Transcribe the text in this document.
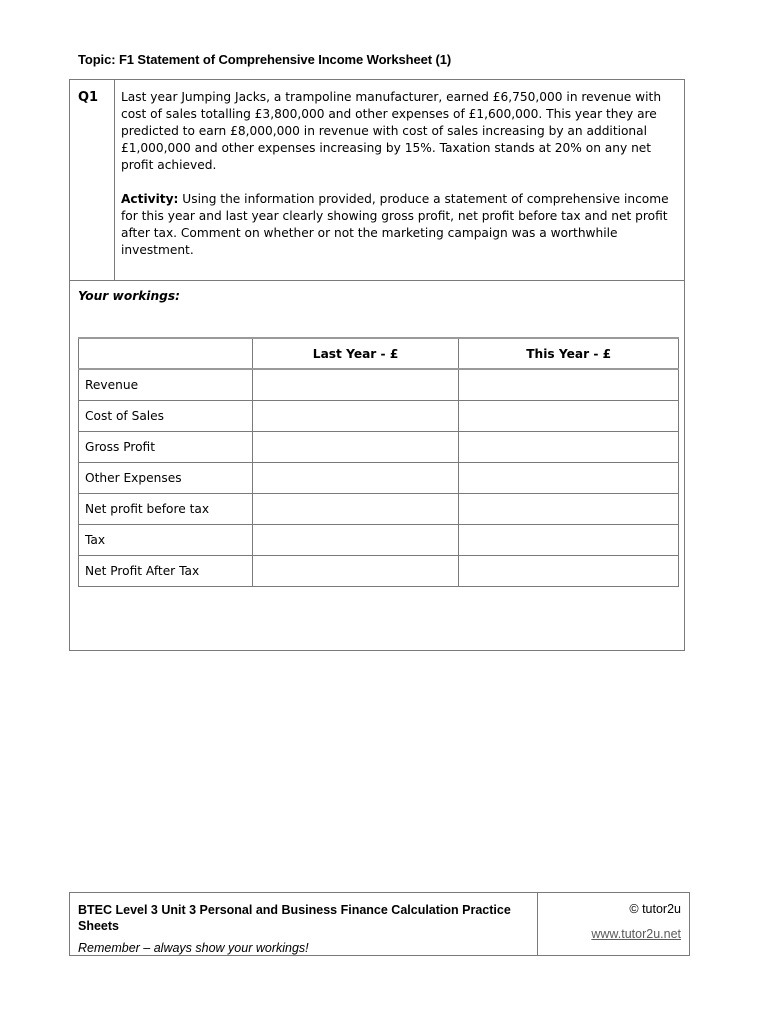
Topic: F1 Statement of Comprehensive Income Worksheet (1)
Q1 Last year Jumping Jacks, a trampoline manufacturer, earned £6,750,000 in revenue with cost of sales totalling £3,800,000 and other expenses of £1,600,000. This year they are predicted to earn £8,000,000 in revenue with cost of sales increasing by an additional £1,000,000 and other expenses increasing by 15%. Taxation stands at 20% on any net profit achieved.

Activity: Using the information provided, produce a statement of comprehensive income for this year and last year clearly showing gross profit, net profit before tax and net profit after tax. Comment on whether or not the marketing campaign was a worthwhile investment.

Your workings:
	Last Year - £	This Year - £
Revenue		
Cost of Sales		
Gross Profit		
Other Expenses		
Net profit before tax		
Tax		
Net Profit After Tax		
BTEC Level 3 Unit 3 Personal and Business Finance Calculation Practice Sheets
Remember – always show your workings!
© tutor2u
www.tutor2u.net
